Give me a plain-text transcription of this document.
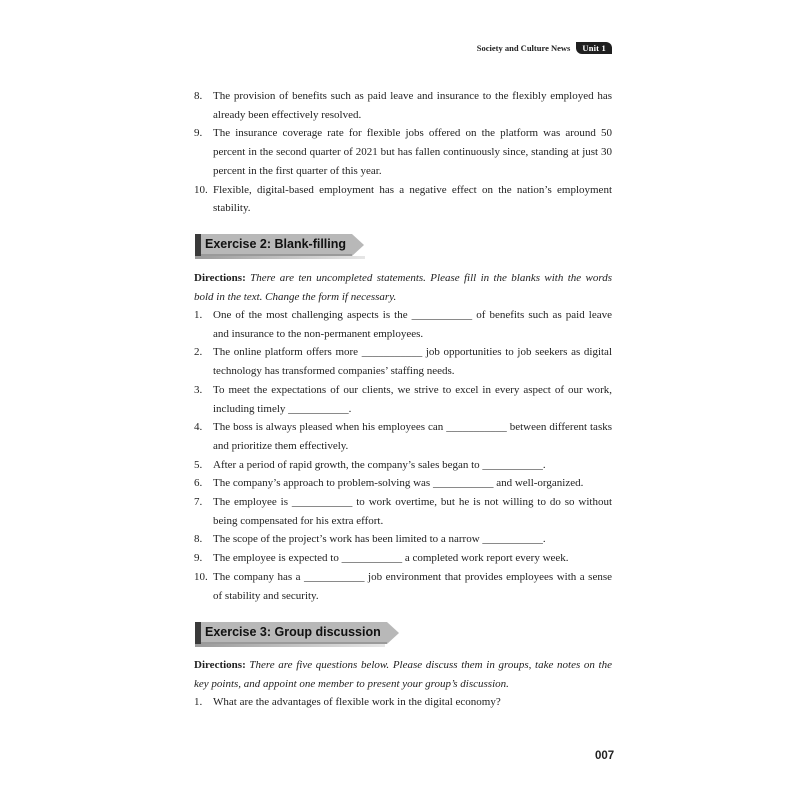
Society and Culture News	Unit 1
8. The provision of benefits such as paid leave and insurance to the flexibly employed has already been effectively resolved.
9. The insurance coverage rate for flexible jobs offered on the platform was around 50 percent in the second quarter of 2021 but has fallen continuously since, standing at just 30 percent in the first quarter of this year.
10. Flexible, digital-based employment has a negative effect on the nation’s employment stability.
Exercise 2: Blank-filling
Directions: There are ten uncompleted statements. Please fill in the blanks with the words bold in the text. Change the form if necessary.
1. One of the most challenging aspects is the ___________ of benefits such as paid leave and insurance to the non-permanent employees.
2. The online platform offers more ___________ job opportunities to job seekers as digital technology has transformed companies’ staffing needs.
3. To meet the expectations of our clients, we strive to excel in every aspect of our work, including timely ___________.
4. The boss is always pleased when his employees can ___________ between different tasks and prioritize them effectively.
5. After a period of rapid growth, the company’s sales began to ___________.
6. The company’s approach to problem-solving was ___________ and well-organized.
7. The employee is ___________ to work overtime, but he is not willing to do so without being compensated for his extra effort.
8. The scope of the project’s work has been limited to a narrow ___________.
9. The employee is expected to ___________ a completed work report every week.
10. The company has a ___________ job environment that provides employees with a sense of stability and security.
Exercise 3: Group discussion
Directions: There are five questions below. Please discuss them in groups, take notes on the key points, and appoint one member to present your group’s discussion.
1. What are the advantages of flexible work in the digital economy?
007
